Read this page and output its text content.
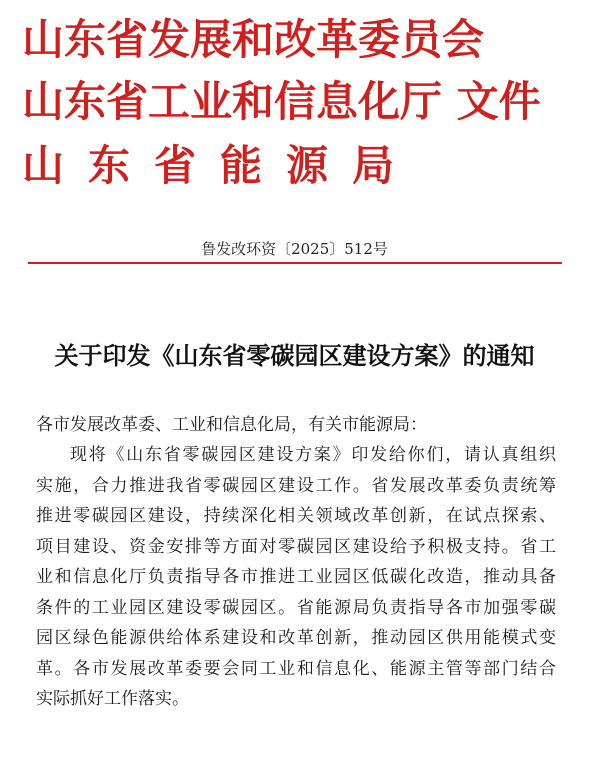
山东省发展和改革委员会
山东省工业和信息化厅 文件
山东省能源局
鲁发改环资〔2025〕512号
关于印发《山东省零碳园区建设方案》的通知
各市发展改革委、工业和信息化局，有关市能源局：
现将《山东省零碳园区建设方案》印发给你们，请认真组织
实施，合力推进我省零碳园区建设工作。省发展改革委负责统筹
推进零碳园区建设，持续深化相关领域改革创新，在试点探索、
项目建设、资金安排等方面对零碳园区建设给予积极支持。省工
业和信息化厅负责指导各市推进工业园区低碳化改造，推动具备
条件的工业园区建设零碳园区。省能源局负责指导各市加强零碳
园区绿色能源供给体系建设和改革创新，推动园区供用能模式变
革。各市发展改革委要会同工业和信息化、能源主管等部门结合
实际抓好工作落实。
